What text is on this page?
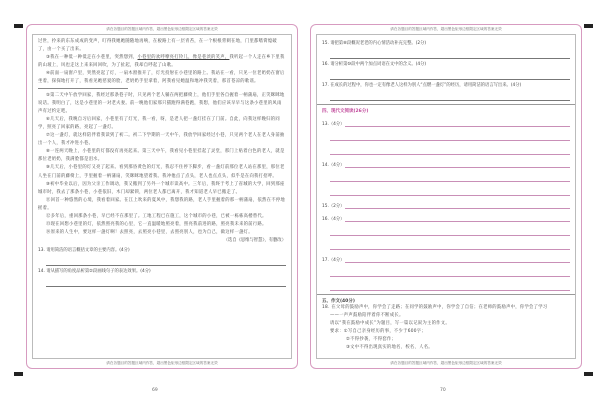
请在各题目的答题区域内作答，超出黑色矩形边框限定区域的答案无效

过世，拎来的东东成成的变声，叮得我她她随随地再响，在板路上有一层青苔，在一个根根背刺在地，门里都嗜膏熄破了，由一个买了出来。

③我在一种低一种低走在小巷里，突然想到，小巷里的欢呼嘹亮打铃儿，像是巷淡的笑声，我听起一个人走在乡下里我的山坡上，风也走这上来来回回吹，为了扯起，我却自呼起了山歌。

④前面一扇窗户里，突然亮起了灯，一扇木窗推开了，灯光投射在小巷里的路上。我站在一看，只见一位老奶奶在窗后坐着，探探地打开了，我看见她慈爱的脸，老奶奶手里拿着，阿我看见她温和地冲我笑着，那首苍凉的歌谣。

⑤第二天中午放学回家，我经过那条巷子时，只见两个老人躺在两把藤椅上，他们手里各自握着一柄蒲扇，正笑眯眯地说话。我明白了，这是小巷里的一对老夫妻。前一晚他们家那只猫跑得满巷跑，我想，他们应该早早与这条小巷里的风雨声有过约定吧。

⑥几天后，我晚自习后回家，小巷里有了灯光，我一看，呀，是老人把一盏灯挂在了门前。自此，向我这样晚归的同学，照亮了回家的路，亮起了一盏灯。

⑦这一盏灯，就这样陪伴着我读到了初二。初二下学期的一天中午，我放学回家经过小巷，只见两个老人在老人身前抽出一个人，我才冲进小巷。

⑧一连两天晚上，小巷里的灯都没有再亮起来。第三天中午，我看见小巷里挂起了灵堂，那门上贴着白色的老人，就是那位老奶奶，我满脸都是泪水。

⑨几天后，小巷里的灯又亮了起来。看到那昏黄色的灯光，我忍不住停下脚步，看一盏灯前那位老人站在那里，那位老人坐在门前的藤椅上，手里握着一柄蒲扇，笑眯眯地望着我。我冲他点了点头，老人也点点头，似乎是在向我打招呼。

⑩初中毕业以后，因为父亲工作调动，我又搬到了另外一个城市读高中。三年后，我终于考上了省城的大学，回到那座城市时，我去了那条小巷，小巷依旧，木门却紧锁，两位老人都已离开，我才知道老人早已搬走了。

⑪回首一种悠然的心境，我看着回家。在江上吹来的夏风中，我想我的路，老人手里握着的那一柄蒲扇，依然在不停地摇着。

⑫多年后，重回那条小巷，早已经不在那里了。工地工程已在施工，这个城市的小巷，已被一栋栋高楼替代。

⑬现在回想小巷里的灯，依然照亮我的心里，它一直温暖地照亮着，照亮我前进的路，照亮我未来的前行路。

⑭原来的人生中，要这样一盏灯啊！去照亮，去照亮小巷里，去照亮别人，也为自己，做这样一盏灯。

（选自《思维与智慧》，有删改）
13. 请用简洁的语言概括文章的主要内容。(4分)
14. 请从描写的角度品析第②段画线句子的表达效果。(4分)
请在各题目的答题区域内作答，超出黑色矩形边框限定区域的答案无效
69
请在各题目的答题区域内作答，超出黑色矩形边框限定区域的答案无效
15. 请把第⑧段概况老老的内心情活动补充完整。(2分)
16. 请分析第⑩段中两个加点词语在文中的含义。(4分)
17. 在成长的过程中，你也一定有像老人这样为别人“点燃一盏灯”的经历，请用简洁的语言写出来。(4分)
四、现代文阅读(26分)
13.（4分）
14.（4分）
15.（2分）
16.（4分）
17.（4分）
五、作文(40分)

18. 在父母的鼓励声中，你学会了走路；在同学的鼓励声中，你学会了自信；在老师的鼓励声中，你学会了学习

——一声声鼓励陪伴着你不断成长。

请以“我在鼓励中成长”为题目，写一篇以记叙为主的作文。

要求：①写自己亲身经历的事，不少于600字；

②不得抄袭，不得套作；

③文中不得出现真实的地名、校名、人名。

请在各题目的答题区域内作答，超出黑色矩形边框限定区域的答案无效
70
